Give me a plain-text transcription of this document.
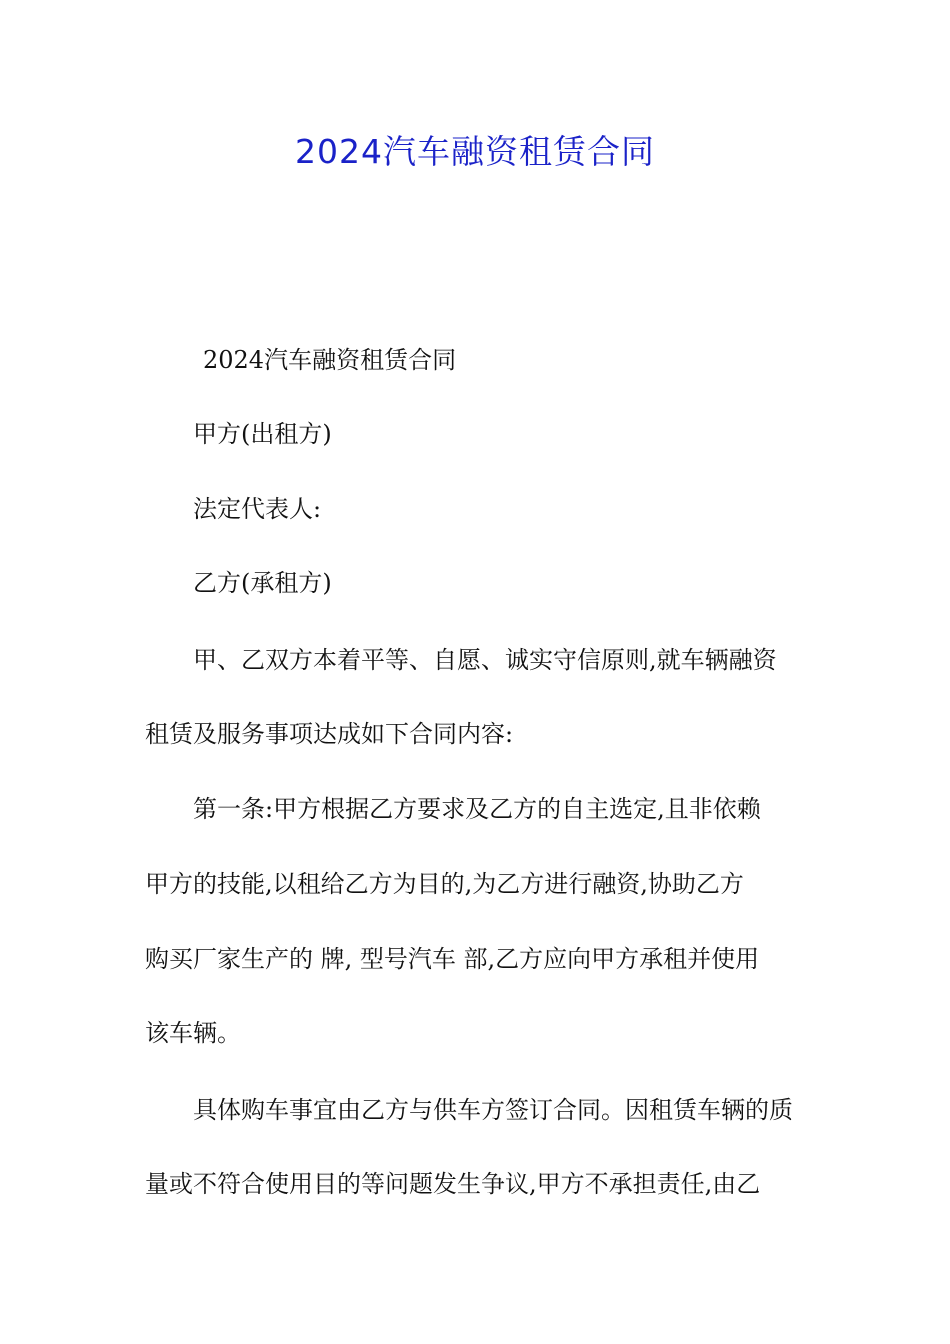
2024汽车融资租赁合同

2024汽车融资租赁合同

甲方(出租方)

法定代表人:

乙方(承租方)

甲、乙双方本着平等、自愿、诚实守信原则,就车辆融资

租赁及服务事项达成如下合同内容:

第一条:甲方根据乙方要求及乙方的自主选定,且非依赖

甲方的技能,以租给乙方为目的,为乙方进行融资,协助乙方

购买厂家生产的 牌, 型号汽车 部,乙方应向甲方承租并使用

该车辆。

具体购车事宜由乙方与供车方签订合同。因租赁车辆的质

量或不符合使用目的等问题发生争议,甲方不承担责任,由乙
